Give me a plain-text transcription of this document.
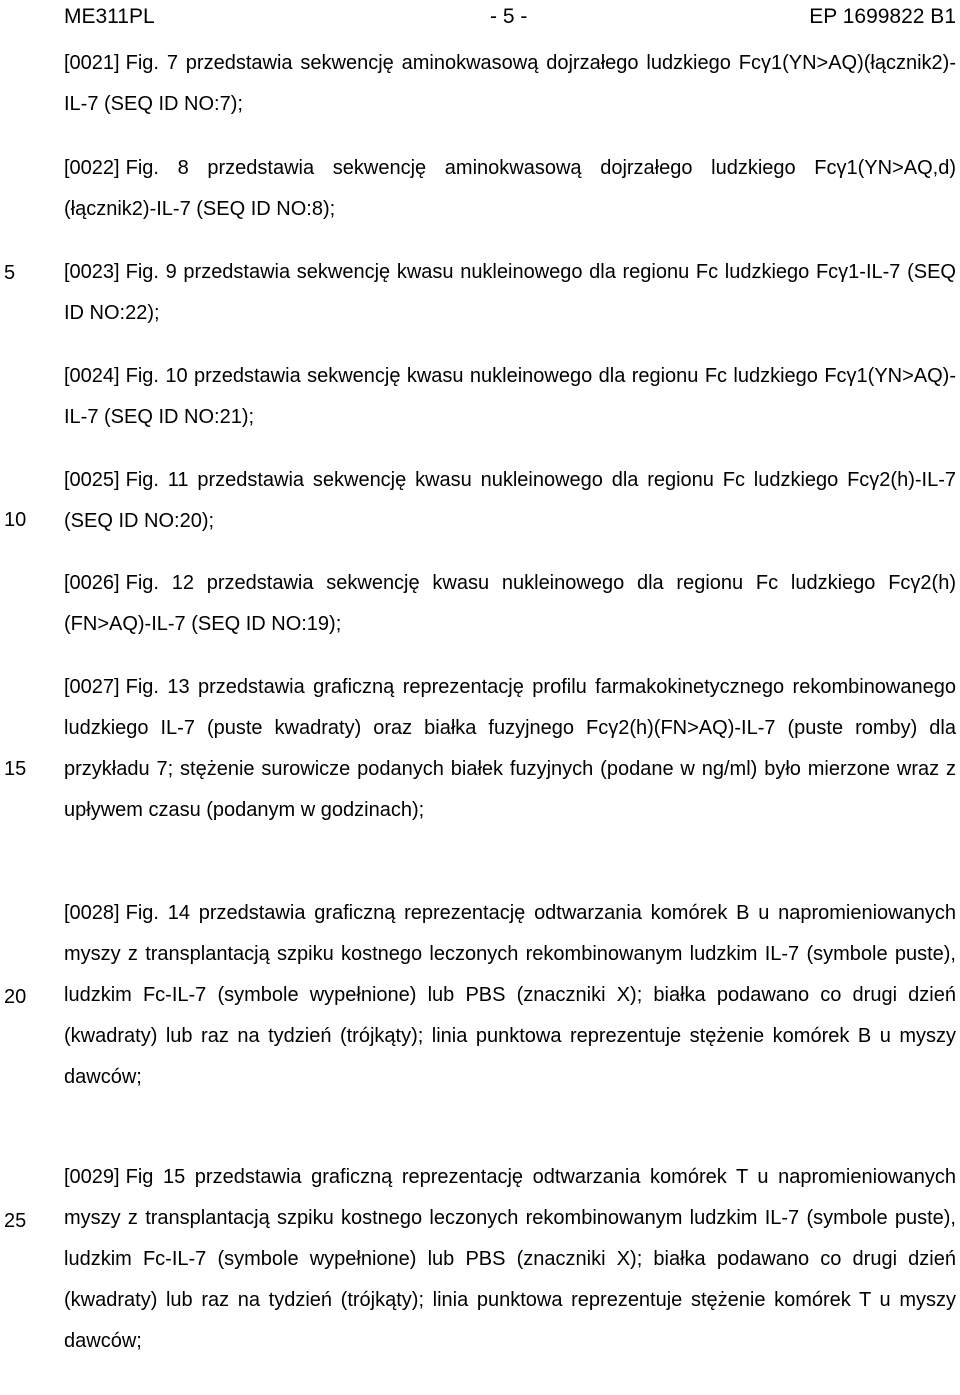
ME311PL	- 5 -	EP 1699822 B1
5
10
15
20
25
[0021] Fig. 7 przedstawia sekwencję aminokwasową dojrzałego ludzkiego Fcγ1(YN>AQ)(łącznik2)-IL-7 (SEQ ID NO:7);
[0022] Fig. 8 przedstawia sekwencję aminokwasową dojrzałego ludzkiego Fcγ1(YN>AQ,d)(łącznik2)-IL-7 (SEQ ID NO:8);
[0023] Fig. 9 przedstawia sekwencję kwasu nukleinowego dla regionu Fc ludzkiego Fcγ1-IL-7 (SEQ ID NO:22);
[0024] Fig. 10 przedstawia sekwencję kwasu nukleinowego dla regionu Fc ludzkiego Fcγ1(YN>AQ)-IL-7 (SEQ ID NO:21);
[0025] Fig. 11 przedstawia sekwencję kwasu nukleinowego dla regionu Fc ludzkiego Fcγ2(h)-IL-7 (SEQ ID NO:20);
[0026] Fig. 12 przedstawia sekwencję kwasu nukleinowego dla regionu Fc ludzkiego Fcγ2(h)(FN>AQ)-IL-7 (SEQ ID NO:19);
[0027] Fig. 13 przedstawia graficzną reprezentację profilu farmakokinetycznego rekombinowanego ludzkiego IL-7 (puste kwadraty) oraz białka fuzyjnego Fcγ2(h)(FN>AQ)-IL-7 (puste romby) dla przykładu 7; stężenie surowicze podanych białek fuzyjnych (podane w ng/ml) było mierzone wraz z upływem czasu (podanym w godzinach);
[0028] Fig. 14 przedstawia graficzną reprezentację odtwarzania komórek B u napromieniowanych myszy z transplantacją szpiku kostnego leczonych rekombinowanym ludzkim IL-7 (symbole puste), ludzkim Fc-IL-7 (symbole wypełnione) lub PBS (znaczniki X); białka podawano co drugi dzień (kwadraty) lub raz na tydzień (trójkąty); linia punktowa reprezentuje stężenie komórek B u myszy dawców;
[0029] Fig 15 przedstawia graficzną reprezentację odtwarzania komórek T u napromieniowanych myszy z transplantacją szpiku kostnego leczonych rekombinowanym ludzkim IL-7 (symbole puste), ludzkim Fc-IL-7 (symbole wypełnione) lub PBS (znaczniki X); białka podawano co drugi dzień (kwadraty) lub raz na tydzień (trójkąty); linia punktowa reprezentuje stężenie komórek T u myszy dawców;
